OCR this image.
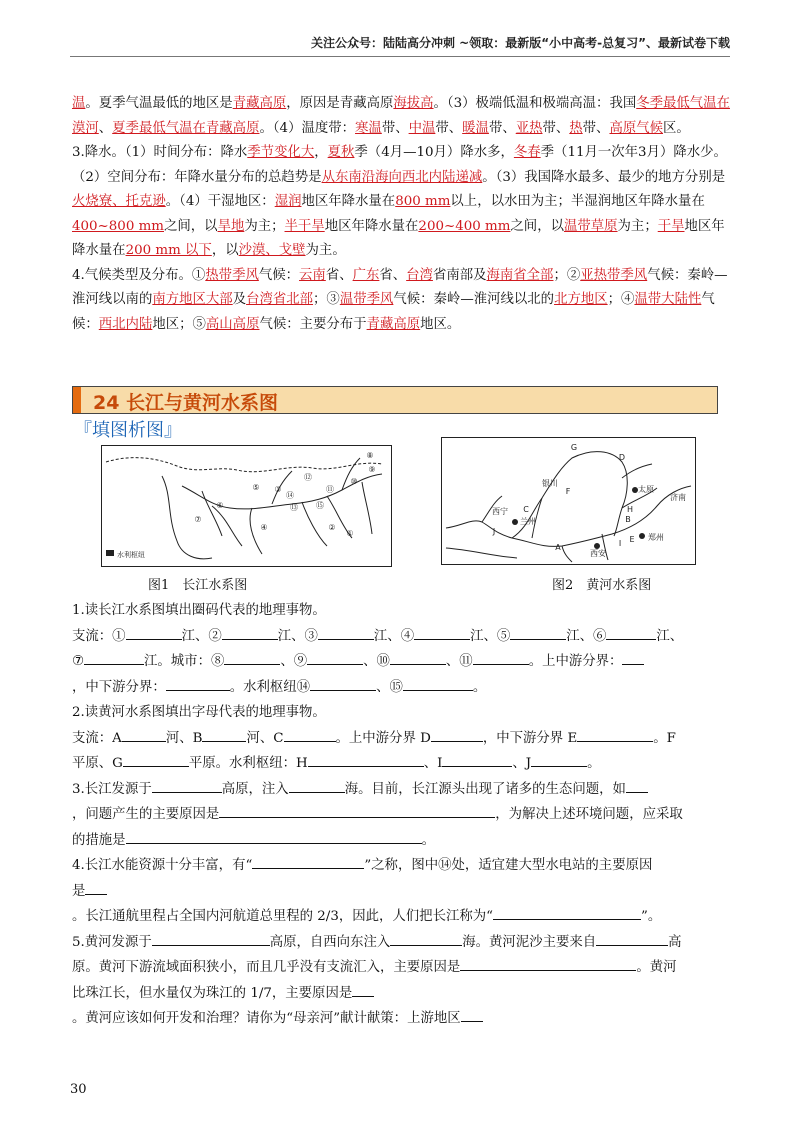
关注公众号：陆陆高分冲刺 ~领取：最新版“小中高考-总复习”、最新试卷下载

温。夏季气温最低的地区是青藏高原，原因是青藏高原海拔高。（3）极端低温和极端高温：我国冬季最低气温在漠河、夏季最低气温在青藏高原。（4）温度带：寒温带、中温带、暖温带、亚热带、热带、高原气候区。

3.降水。（1）时间分布：降水季节变化大，夏秋季（4月—10月）降水多，冬春季（11月一次年3月）降水少。（2）空间分布：年降水量分布的总趋势是从东南沿海向西北内陆递减。（3）我国降水最多、最少的地方分别是火烧寮、托克逊。（4）干湿地区：湿润地区年降水量在800 mm以上，以水田为主；半湿润地区年降水量在400~800 mm之间，以旱地为主；半干旱地区年降水量在200~400 mm之间，以温带草原为主；干旱地区年降水量在200 mm 以下，以沙漠、戈壁为主。

4.气候类型及分布。①热带季风气候：云南省、广东省、台湾省南部及海南省全部；②亚热带季风气候：秦岭—淮河线以南的南方地区大部及台湾省北部；③温带季风气候：秦岭—淮河线以北的北方地区；④温带大陆性气候：西北内陆地区；⑤高山高原气候：主要分布于青藏高原地区。

24 长江与黄河水系图
『填图析图』
⑧
⑨
⑩
⑪
⑫
⑬
⑭
⑮
①
②
③
④
⑤
⑥
⑦
水利枢纽
G
D
太原
银川
F
济南
西宁 C
兰州	B
H
A
西安
I E 郑州
J
图1　长江水系图	图2　黄河水系图

1.读长江水系图填出圈码代表的地理事物。

支流：①	江、②	江、③	江、④	江、⑤	江、⑥	江、

⑦	江。城市：⑧	、⑨	、⑩	、⑪	。上中游分界：

，中下游分界：	。水利枢纽⑭	、⑮	。

2.读黄河水系图填出字母代表的地理事物。

支流：A	河、B	河、C	。上中游分界 D	，中下游分界 E	。F

平原、G	平原。水利枢纽：H	、I	、J	。

3.长江发源于	高原，注入	海。目前，长江源头出现了诸多的生态问题，如

，问题产生的主要原因是	，为解决上述环境问题，应采取

的措施是	。

4.长江水能资源十分丰富，有“	”之称，图中⑭处，适宜建大型水电站的主要原因

是

。长江通航里程占全国内河航道总里程的 2/3，因此，人们把长江称为“	”。

5.黄河发源于	高原，自西向东注入	海。黄河泥沙主要来自	高

原。黄河下游流域面积狭小，而且几乎没有支流汇入，主要原因是	。黄河

比珠江长，但水量仅为珠江的 1/7，主要原因是

。黄河应该如何开发和治理？请你为“母亲河”献计献策：上游地区

30
